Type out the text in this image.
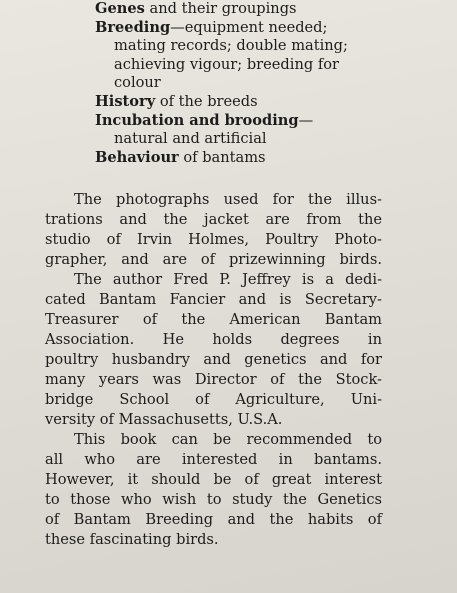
Genes and their groupings

Breeding—equipment needed;

mating records; double mating;

achieving vigour; breeding for

colour

History of the breeds

Incubation and brooding—

natural and artificial

Behaviour of bantams

The photographs used for the illus-
trations and the jacket are from the
studio of Irvin Holmes, Poultry Photo-
grapher, and are of prizewinning birds.

The author Fred P. Jeffrey is a dedi-
cated Bantam Fancier and is Secretary-
Treasurer of the American Bantam
Association. He holds degrees in
poultry husbandry and genetics and for
many years was Director of the Stock-
bridge School of Agriculture, Uni-
versity of Massachusetts, U.S.A.

This book can be recommended to
all who are interested in bantams.
However, it should be of great interest
to those who wish to study the Genetics
of Bantam Breeding and the habits of
these fascinating birds.
